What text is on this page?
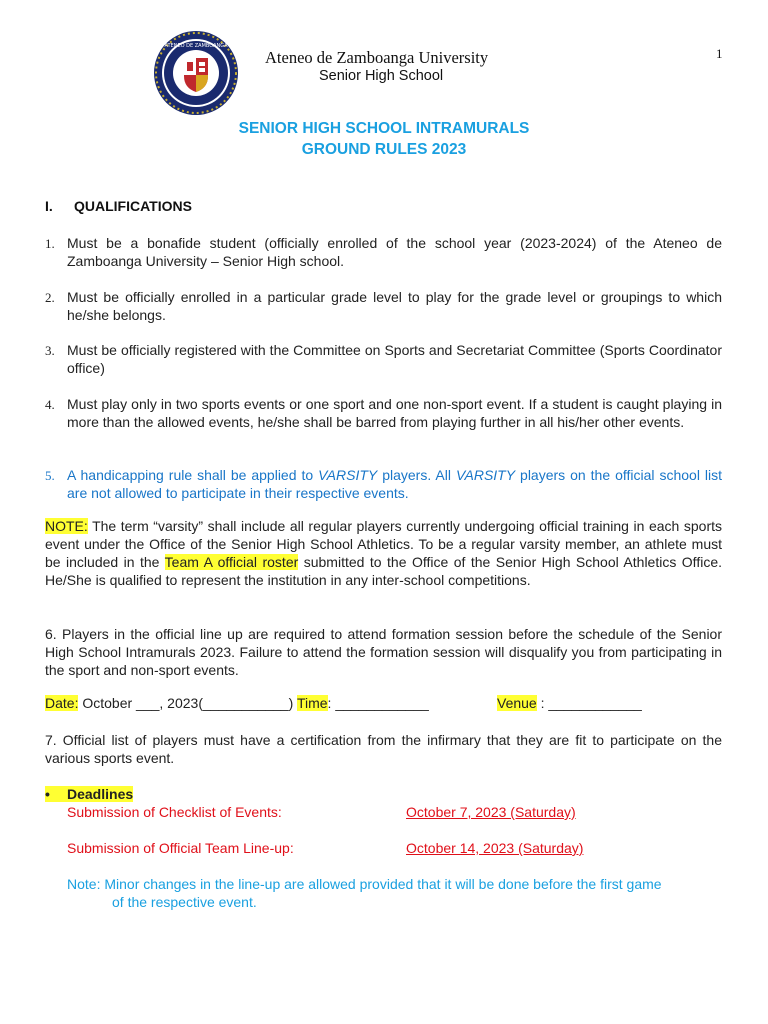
ATENEO DE ZAMBOANGA
Ateneo de Zamboanga University
Senior High School
1
SENIOR HIGH SCHOOL INTRAMURALS
GROUND RULES 2023
I. QUALIFICATIONS
1. Must be a bonafide student (officially enrolled of the school year (2023-2024) of the Ateneo de Zamboanga University – Senior High school.
2. Must be officially enrolled in a particular grade level to play for the grade level or groupings to which he/she belongs.
3. Must be officially registered with the Committee on Sports and Secretariat Committee (Sports Coordinator office)
4. Must play only in two sports events or one sport and one non-sport event. If a student is caught playing in more than the allowed events, he/she shall be barred from playing further in all his/her other events.
5. A handicapping rule shall be applied to VARSITY players. All VARSITY players on the official school list are not allowed to participate in their respective events.
NOTE: The term “varsity” shall include all regular players currently undergoing official training in each sports event under the Office of the Senior High School Athletics. To be a regular varsity member, an athlete must be included in the Team A official roster submitted to the Office of the Senior High School Athletics Office. He/She is qualified to represent the institution in any inter-school competitions.
6. Players in the official line up are required to attend formation session before the schedule of the Senior High School Intramurals 2023. Failure to attend the formation session will disqualify you from participating in the sport and non-sport events.
Date: October ___, 2023(___________) Time: ____________	Venue : ____________
7. Official list of players must have a certification from the infirmary that they are fit to participate on the various sports event.
• Deadlines
Submission of Checklist of Events:	October 7, 2023 (Saturday)
Submission of Official Team Line-up:	October 14, 2023 (Saturday)
Note: Minor changes in the line-up are allowed provided that it will be done before the first game
of the respective event.
